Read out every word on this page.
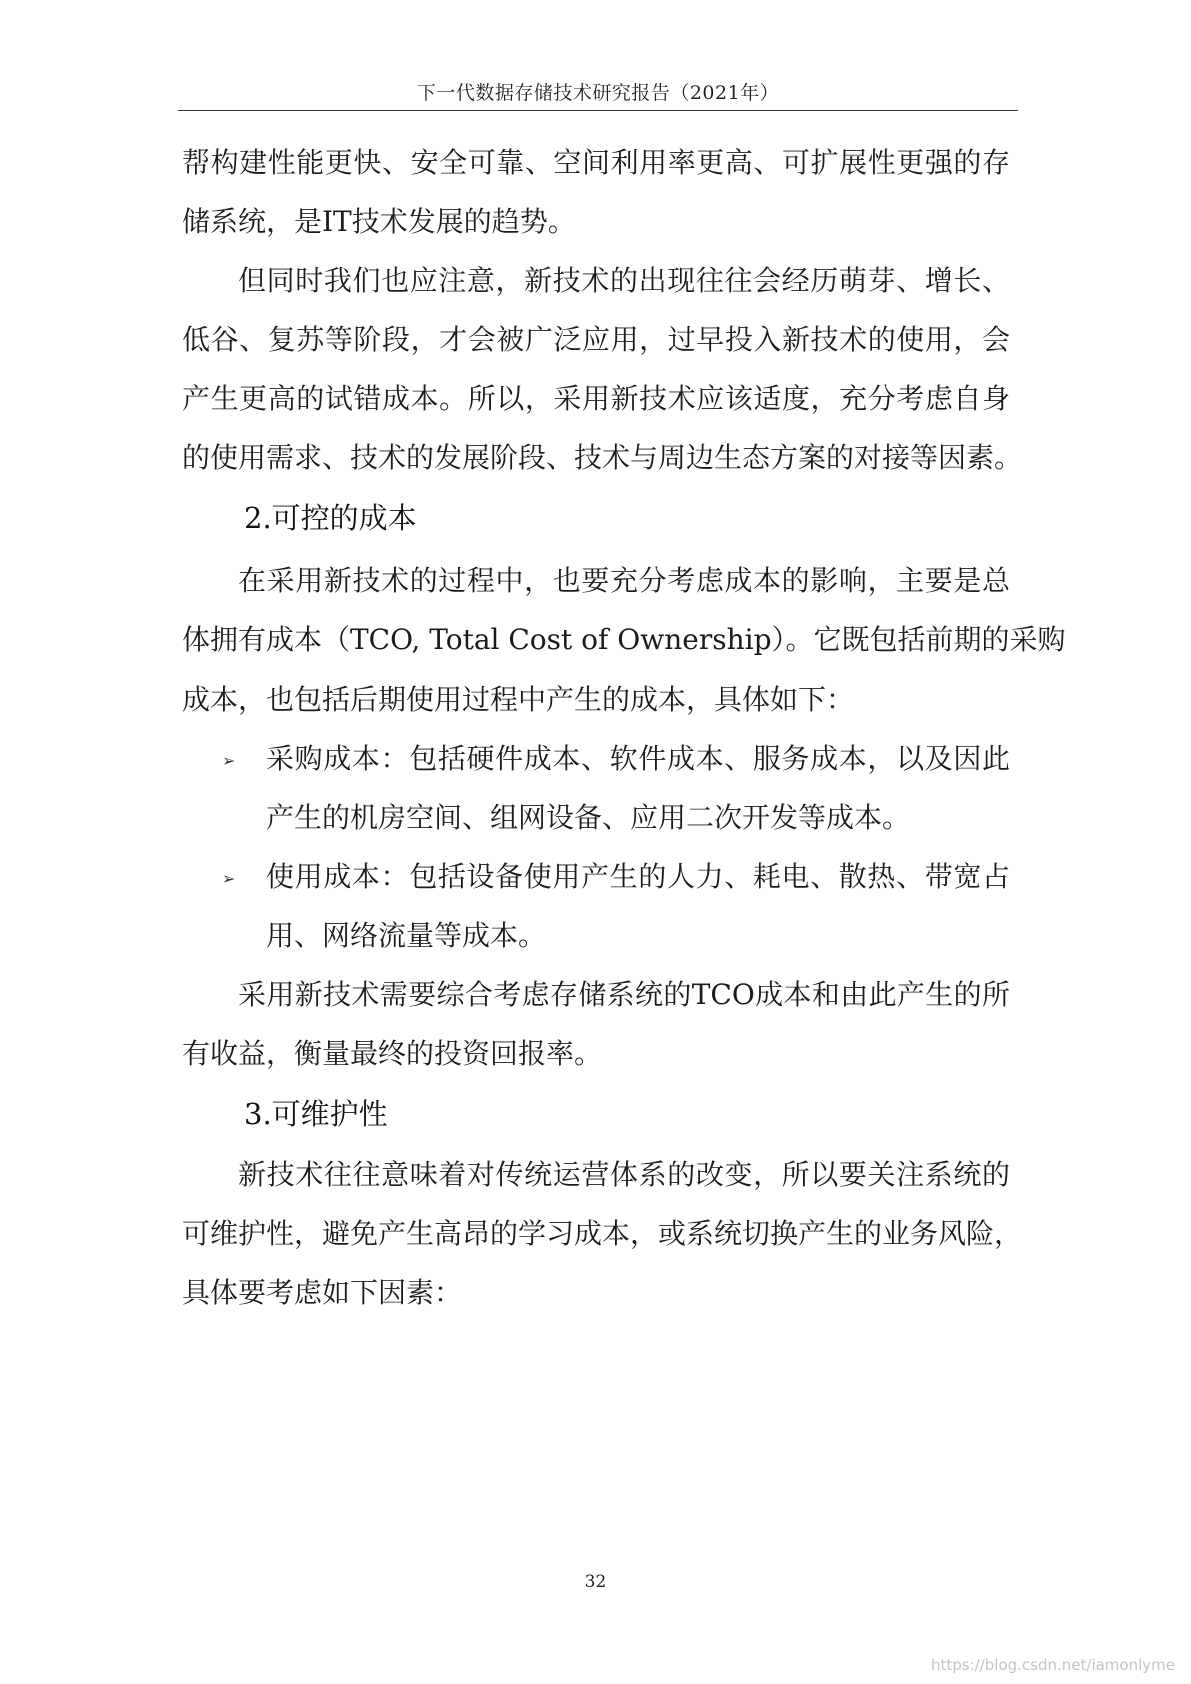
下一代数据存储技术研究报告（2021年）
帮构建性能更快、安全可靠、空间利用率更高、可扩展性更强的存
储系统，是IT技术发展的趋势。
但同时我们也应注意，新技术的出现往往会经历萌芽、增长、
低谷、复苏等阶段，才会被广泛应用，过早投入新技术的使用，会
产生更高的试错成本。所以，采用新技术应该适度，充分考虑自身
的使用需求、技术的发展阶段、技术与周边生态方案的对接等因素。
2.可控的成本
在采用新技术的过程中，也要充分考虑成本的影响，主要是总
体拥有成本（TCO, Total Cost of Ownership）。它既包括前期的采购
成本，也包括后期使用过程中产生的成本，具体如下：
➢ 采购成本：包括硬件成本、软件成本、服务成本，以及因此
产生的机房空间、组网设备、应用二次开发等成本。
➢ 使用成本：包括设备使用产生的人力、耗电、散热、带宽占
用、网络流量等成本。
采用新技术需要综合考虑存储系统的TCO成本和由此产生的所
有收益，衡量最终的投资回报率。
3.可维护性
新技术往往意味着对传统运营体系的改变，所以要关注系统的
可维护性，避免产生高昂的学习成本，或系统切换产生的业务风险，
具体要考虑如下因素：
32
https://blog.csdn.net/iamonlyme
